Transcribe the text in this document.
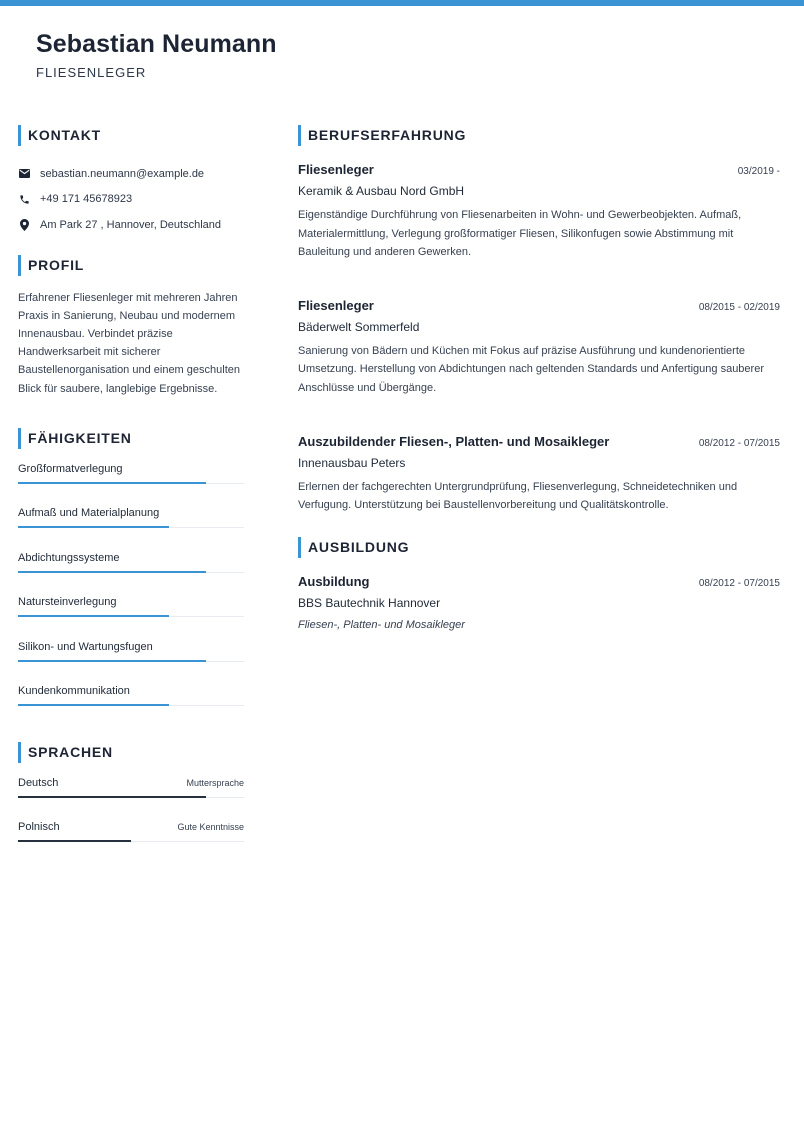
Sebastian Neumann
FLIESENLEGER
KONTAKT
sebastian.neumann@example.de
+49 171 45678923
Am Park 27 , Hannover, Deutschland
PROFIL
Erfahrener Fliesenleger mit mehreren Jahren Praxis in Sanierung, Neubau und modernem Innenausbau. Verbindet präzise Handwerksarbeit mit sicherer Baustellenorganisation und einem geschulten Blick für saubere, langlebige Ergebnisse.
FÄHIGKEITEN
Großformatverlegung
Aufmaß und Materialplanung
Abdichtungssysteme
Natursteinverlegung
Silikon- und Wartungsfugen
Kundenkommunikation
SPRACHEN
Deutsch	Muttersprache
Polnisch	Gute Kenntnisse
BERUFSERFAHRUNG
Fliesenleger	03/2019 -
Keramik & Ausbau Nord GmbH
Eigenständige Durchführung von Fliesenarbeiten in Wohn- und Gewerbeobjekten. Aufmaß, Materialermittlung, Verlegung großformatiger Fliesen, Silikonfugen sowie Abstimmung mit Bauleitung und anderen Gewerken.
Fliesenleger	08/2015 - 02/2019
Bäderwelt Sommerfeld
Sanierung von Bädern und Küchen mit Fokus auf präzise Ausführung und kundenorientierte Umsetzung. Herstellung von Abdichtungen nach geltenden Standards und Anfertigung sauberer Anschlüsse und Übergänge.
Auszubildender Fliesen-, Platten- und Mosaikleger	08/2012 - 07/2015
Innenausbau Peters
Erlernen der fachgerechten Untergrundprüfung, Fliesenverlegung, Schneidetechniken und Verfugung. Unterstützung bei Baustellenvorbereitung und Qualitätskontrolle.
AUSBILDUNG
Ausbildung	08/2012 - 07/2015
BBS Bautechnik Hannover
Fliesen-, Platten- und Mosaikleger
